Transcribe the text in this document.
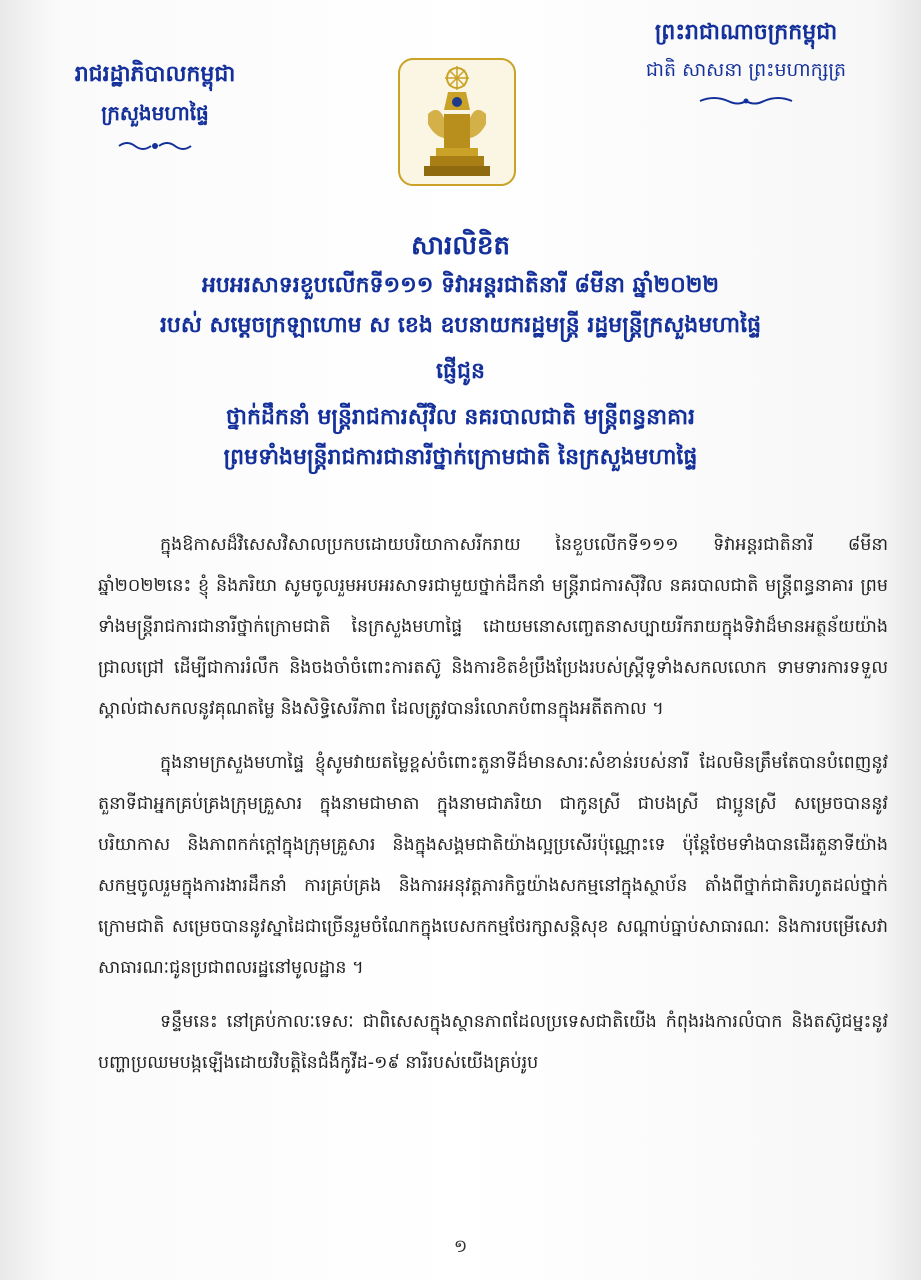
រាជរដ្ឋាភិបាលកម្ពុជា

ក្រសួងមហាផ្ទៃ

ព្រះរាជាណាចក្រកម្ពុជា

ជាតិ សាសនា ព្រះមហាក្សត្រ

សារលិខិត

អបអរសាទរខួបលើកទី១១១ ទិវាអន្តរជាតិនារី ៨មីនា ឆ្នាំ២០២២

របស់ សម្ដេចក្រឡាហោម ស ខេង ឧបនាយករដ្ឋមន្ត្រី រដ្ឋមន្ត្រីក្រសួងមហាផ្ទៃ

ផ្ញើជូន

ថ្នាក់ដឹកនាំ មន្ត្រីរាជការស៊ីវិល នគរបាលជាតិ មន្ត្រីពន្ធនាគារ

ព្រមទាំងមន្ត្រីរាជការជានារីថ្នាក់ក្រោមជាតិ នៃក្រសួងមហាផ្ទៃ

ក្នុងឱកាសដ៏វិសេសវិសាលប្រកបដោយបរិយាកាសរីករាយ នៃខួបលើកទី១១១ ទិវាអន្តរជាតិនារី ៨មីនា ឆ្នាំ២០២២នេះ ខ្ញុំ និងភរិយា សូមចូលរួមអបអរសាទរជាមួយថ្នាក់ដឹកនាំ មន្ត្រីរាជការស៊ីវិល នគរបាលជាតិ មន្ត្រីពន្ធនាគារ ព្រមទាំងមន្ត្រីរាជការជានារីថ្នាក់ក្រោមជាតិ នៃក្រសួងមហាផ្ទៃ ដោយមនោសញ្ចេតនាសប្បាយរីករាយក្នុងទិវាដ៏មានអត្ថន័យយ៉ាងជ្រាលជ្រៅ ដើម្បីជាការរំលឹក និងចងចាំចំពោះការតស៊ូ និងការខិតខំប្រឹងប្រែងរបស់ស្ត្រីទូទាំងសកលលោក ទាមទារការទទួលស្គាល់ជាសកលនូវគុណតម្លៃ និងសិទ្ធិសេរីភាព ដែលត្រូវបានរំលោភបំពានក្នុងអតីតកាល ។

ក្នុងនាមក្រសួងមហាផ្ទៃ ខ្ញុំសូមវាយតម្លៃខ្ពស់ចំពោះតួនាទីដ៏មានសារៈសំខាន់របស់នារី ដែលមិនត្រឹមតែបានបំពេញនូវតួនាទីជាអ្នកគ្រប់គ្រងក្រុមគ្រួសារ ក្នុងនាមជាមាតា ក្នុងនាមជាភរិយា ជាកូនស្រី ជាបងស្រី ជាប្អូនស្រី សម្រេចបាននូវបរិយាកាស និងភាពកក់ក្ដៅក្នុងក្រុមគ្រួសារ និងក្នុងសង្គមជាតិយ៉ាងល្អប្រសើរប៉ុណ្ណោះទេ ប៉ុន្តែថែមទាំងបានដើរតួនាទីយ៉ាងសកម្មចូលរួមក្នុងការងារដឹកនាំ ការគ្រប់គ្រង និងការអនុវត្តភារកិច្ចយ៉ាងសកម្មនៅក្នុងស្ថាប័ន តាំងពីថ្នាក់ជាតិរហូតដល់ថ្នាក់ក្រោមជាតិ សម្រេចបាននូវស្នាដៃជាច្រើនរួមចំណែកក្នុងបេសកកម្មថែរក្សាសន្តិសុខ សណ្តាប់ធ្នាប់សាធារណៈ និងការបម្រើសេវាសាធារណៈជូនប្រជាពលរដ្ឋនៅមូលដ្ឋាន ។

ទន្ទឹមនេះ នៅគ្រប់កាលៈទេសៈ ជាពិសេសក្នុងស្ថានភាពដែលប្រទេសជាតិយើង កំពុងរងការលំបាក និងតស៊ូជម្នះនូវបញ្ហាប្រឈមបង្កឡើងដោយវិបត្តិនៃជំងឺកូវីដ-១៩ នារីរបស់យើងគ្រប់រូប

១
